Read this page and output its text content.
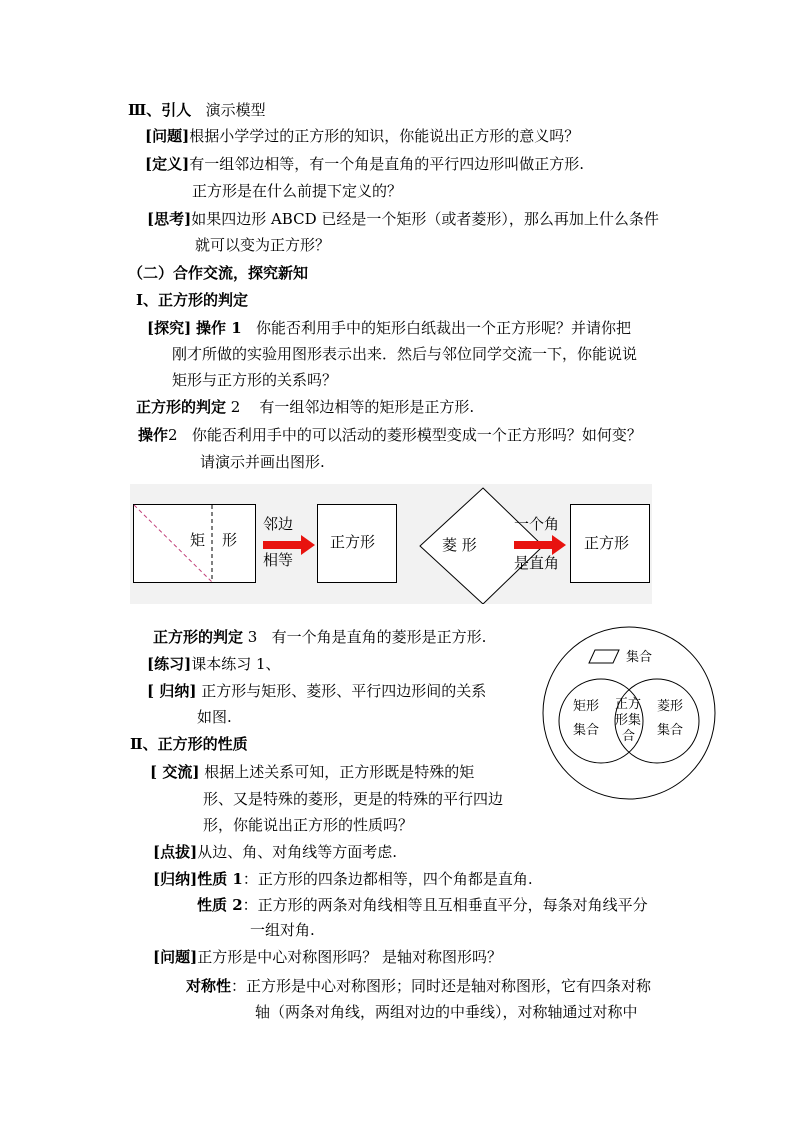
Ⅲ、引人 演示模型
[问题]根据小学学过的正方形的知识，你能说出正方形的意义吗？
[定义]有一组邻边相等，有一个角是直角的平行四边形叫做正方形.
正方形是在什么前提下定义的？
[思考]如果四边形 ABCD 已经是一个矩形（或者菱形），那么再加上什么条件
就可以变为正方形？
（二）合作交流，探究新知
Ⅰ、正方形的判定
[探究] 操作 1 你能否利用手中的矩形白纸裁出一个正方形呢？并请你把
刚才所做的实验用图形表示出来．然后与邻位同学交流一下，你能说说
矩形与正方形的关系吗？
正方形的判定 2 有一组邻边相等的矩形是正方形.
操作2 你能否利用手中的可以活动的菱形模型变成一个正方形吗？如何变？
请演示并画出图形.
矩 形
邻边
相等
正方形	菱 形
一个角
是直角
正方形
正方形的判定 3 有一个角是直角的菱形是正方形.
[练习]课本练习 1、
[ 归纳] 正方形与矩形、菱形、平行四边形间的关系
如图.
集合
矩形
集合
正方
形集
合
菱形
集合
Ⅱ、正方形的性质
[ 交流] 根据上述关系可知，正方形既是特殊的矩
形、又是特殊的菱形，更是的特殊的平行四边
形，你能说出正方形的性质吗？
[点拔]从边、角、对角线等方面考虑.
[归纳]性质 1：正方形的四条边都相等，四个角都是直角.
性质 2：正方形的两条对角线相等且互相垂直平分，每条对角线平分
一组对角.
[问题]正方形是中心对称图形吗？ 是轴对称图形吗？
对称性：正方形是中心对称图形；同时还是轴对称图形，它有四条对称
轴（两条对角线，两组对边的中垂线），对称轴通过对称中
